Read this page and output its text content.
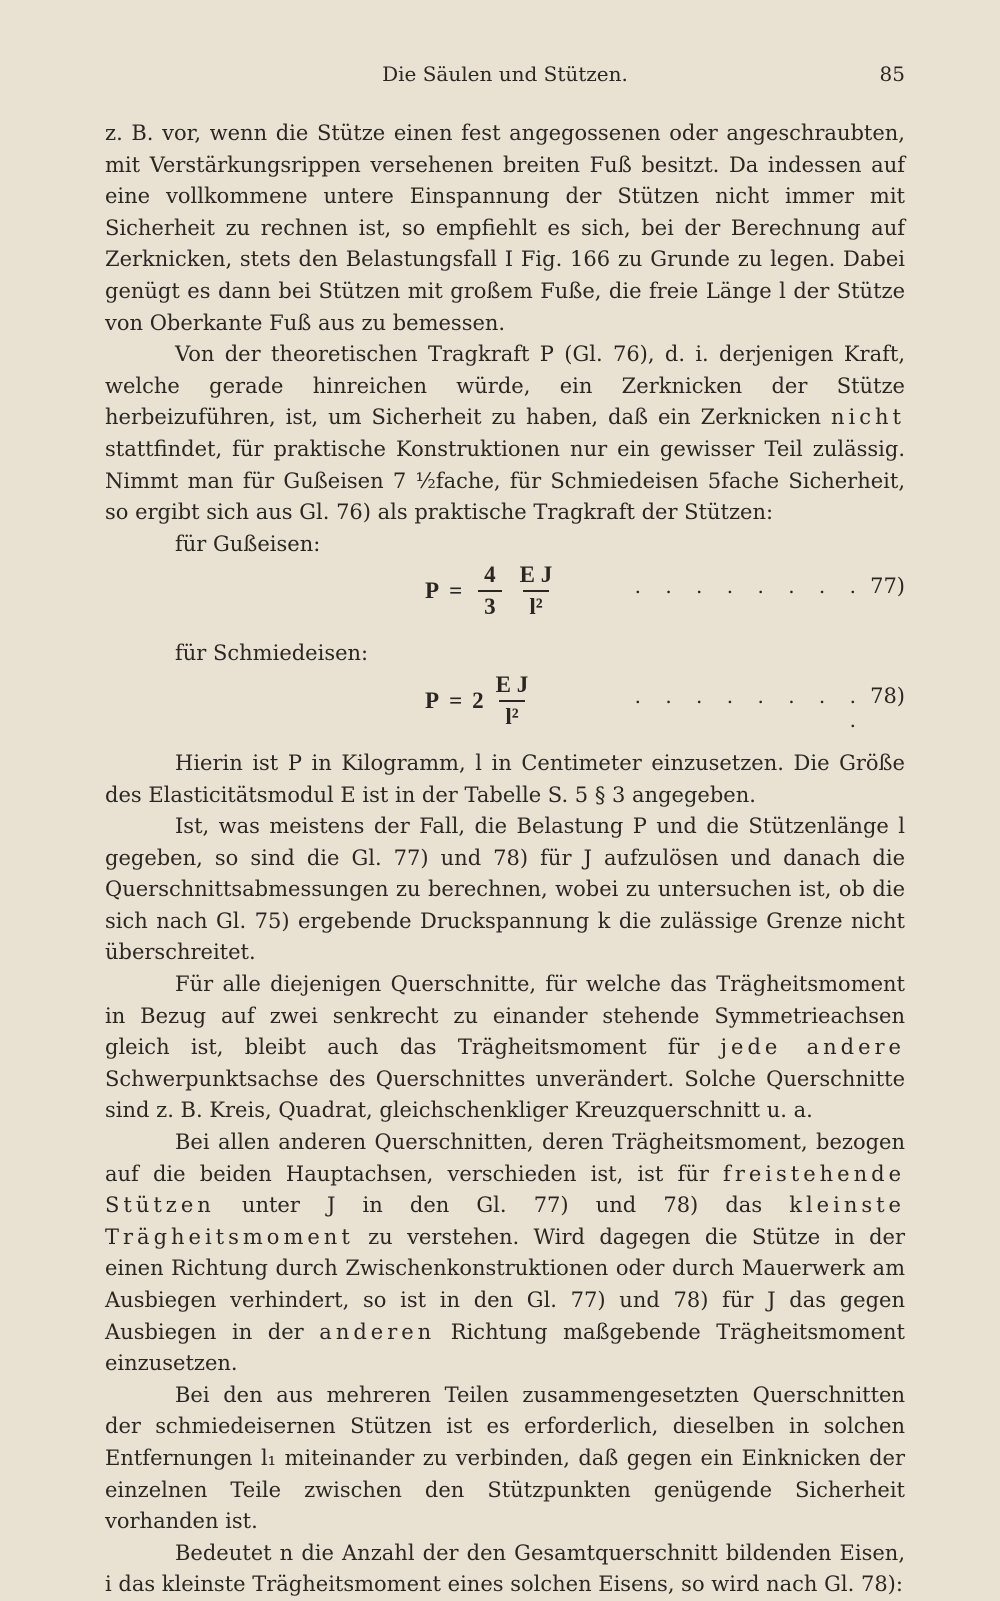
Die Säulen und Stützen.	85

z. B. vor, wenn die Stütze einen fest angegossenen oder angeschraubten, mit Verstärkungsrippen versehenen breiten Fuß besitzt. Da indessen auf eine vollkommene untere Einspannung der Stützen nicht immer mit Sicherheit zu rechnen ist, so empfiehlt es sich, bei der Berechnung auf Zerknicken, stets den Belastungsfall I Fig. 166 zu Grunde zu legen. Dabei genügt es dann bei Stützen mit großem Fuße, die freie Länge l der Stütze von Oberkante Fuß aus zu bemessen.

Von der theoretischen Tragkraft P (Gl. 76), d. i. derjenigen Kraft, welche gerade hinreichen würde, ein Zerknicken der Stütze herbeizuführen, ist, um Sicherheit zu haben, daß ein Zerknicken nicht stattfindet, für praktische Konstruktionen nur ein gewisser Teil zulässig. Nimmt man für Gußeisen 7 ½fache, für Schmiedeisen 5fache Sicherheit, so ergibt sich aus Gl. 76) als praktische Tragkraft der Stützen:

für Gußeisen:

$P = \frac{4}{3} \frac{\text{E J}}{\text{l²}}$	. . . . . . . . 77)

für Schmiedeisen:

$P = 2 \frac{\text{E J}}{\text{l²}}$	. . . . . . . . .
78)

Hierin ist P in Kilogramm, l in Centimeter einzusetzen. Die Größe des Elasticitätsmodul E ist in der Tabelle S. 5 § 3 angegeben.

Ist, was meistens der Fall, die Belastung P und die Stützenlänge l gegeben, so sind die Gl. 77) und 78) für J aufzulösen und danach die Querschnittsabmessungen zu berechnen, wobei zu untersuchen ist, ob die sich nach Gl. 75) ergebende Druckspannung k die zulässige Grenze nicht überschreitet.

Für alle diejenigen Querschnitte, für welche das Trägheitsmoment in Bezug auf zwei senkrecht zu einander stehende Symmetrieachsen gleich ist, bleibt auch das Trägheitsmoment für jede andere Schwerpunktsachse des Querschnittes unverändert. Solche Querschnitte sind z. B. Kreis, Quadrat, gleichschenkliger Kreuzquerschnitt u. a.

Bei allen anderen Querschnitten, deren Trägheitsmoment, bezogen auf die beiden Hauptachsen, verschieden ist, ist für freistehende Stützen unter J in den Gl. 77) und 78) das kleinste Trägheitsmoment zu verstehen. Wird dagegen die Stütze in der einen Richtung durch Zwischenkonstruktionen oder durch Mauerwerk am Ausbiegen verhindert, so ist in den Gl. 77) und 78) für J das gegen Ausbiegen in der anderen Richtung maßgebende Trägheitsmoment einzusetzen.

Bei den aus mehreren Teilen zusammengesetzten Querschnitten der schmiedeisernen Stützen ist es erforderlich, dieselben in solchen Entfernungen l₁ miteinander zu verbinden, daß gegen ein Einknicken der einzelnen Teile zwischen den Stützpunkten genügende Sicherheit vorhanden ist.

Bedeutet n die Anzahl der den Gesamtquerschnitt bildenden Eisen, i das kleinste Trägheitsmoment eines solchen Eisens, so wird nach Gl. 78):
